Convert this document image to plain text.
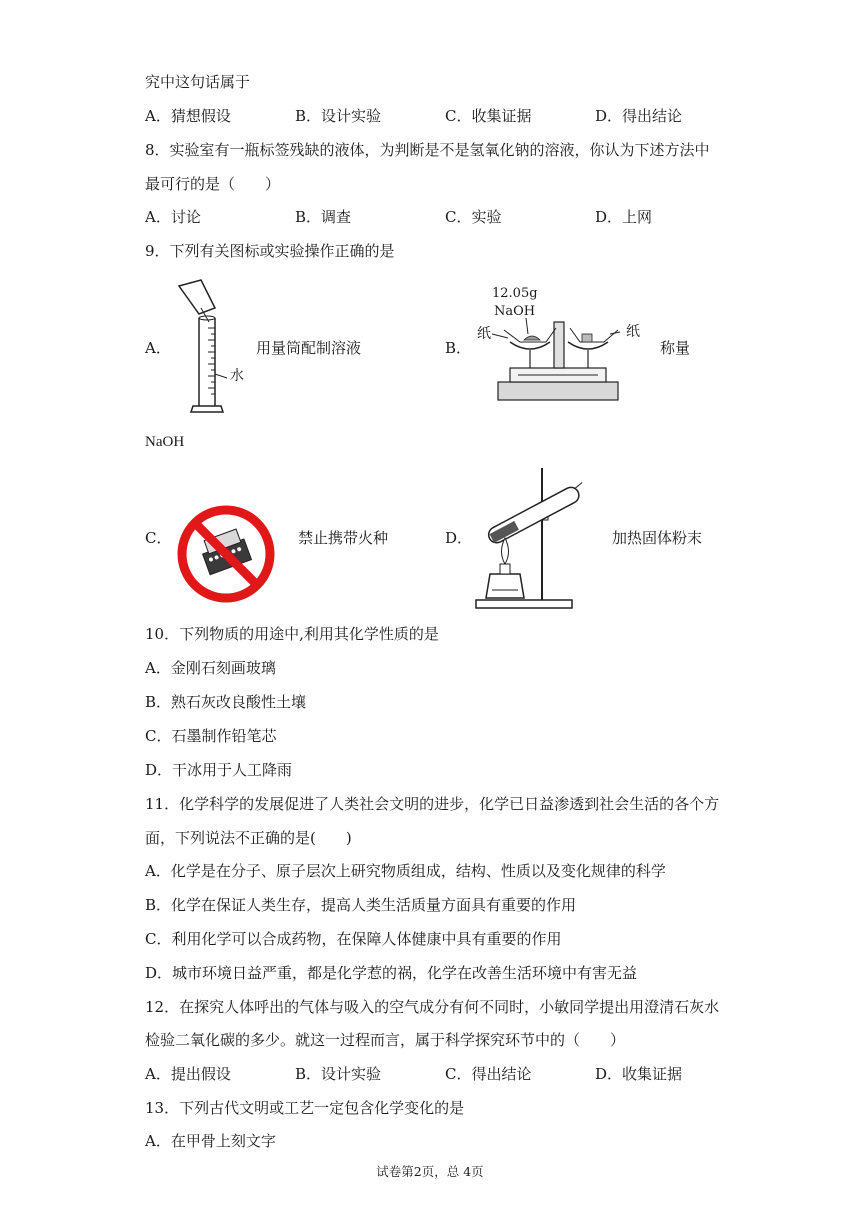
究中这句话属于
A．猜想假设	B．设计实验	C．收集证据	D．得出结论
8．实验室有一瓶标签残缺的液体，为判断是不是氢氧化钠的溶液，你认为下述方法中
最可行的是（　　）
A．讨论	B．调查	C．实验	D．上网
9．下列有关图标或实验操作正确的是
A．
水
用量筒配制溶液	B．
12.05g
NaOH
纸	纸
称量
NaOH
C．	禁止携带火种	D．	加热固体粉末
10．下列物质的用途中,利用其化学性质的是
A．金刚石刻画玻璃
B．熟石灰改良酸性土壤
C．石墨制作铅笔芯
D．干冰用于人工降雨
11．化学科学的发展促进了人类社会文明的进步，化学已日益渗透到社会生活的各个方
面，下列说法不正确的是(　　)
A．化学是在分子、原子层次上研究物质组成，结构、性质以及变化规律的科学
B．化学在保证人类生存，提高人类生活质量方面具有重要的作用
C．利用化学可以合成药物，在保障人体健康中具有重要的作用
D．城市环境日益严重，都是化学惹的祸，化学在改善生活环境中有害无益
12．在探究人体呼出的气体与吸入的空气成分有何不同时，小敏同学提出用澄清石灰水
检验二氧化碳的多少。就这一过程而言，属于科学探究环节中的（　　）
A．提出假设	B．设计实验	C．得出结论	D．收集证据
13．下列古代文明或工艺一定包含化学变化的是
A．在甲骨上刻文字
试卷第2页，总 4页
